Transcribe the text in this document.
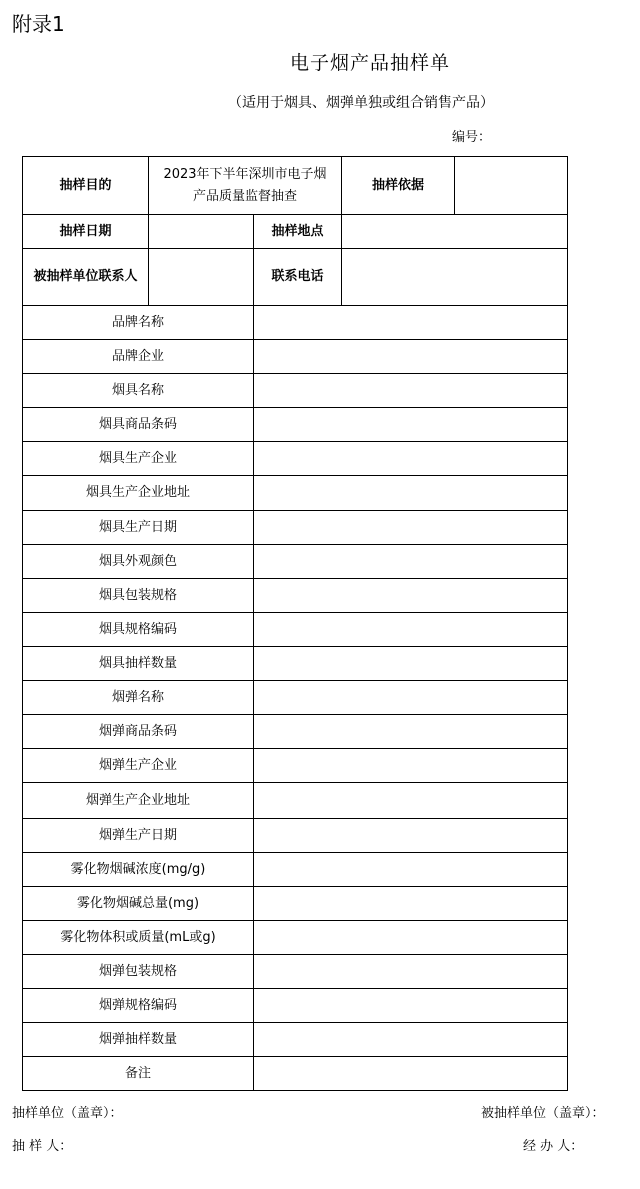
附录1
电子烟产品抽样单
（适用于烟具、烟弹单独或组合销售产品）
编号：
抽样目的	2023年下半年深圳市电子烟产品质量监督抽查		抽样依据	
抽样日期		抽样地点		
被抽样单位联系人		联系电话		
品牌名称				
品牌企业				
烟具名称				
烟具商品条码				
烟具生产企业				
烟具生产企业地址				
烟具生产日期				
烟具外观颜色				
烟具包装规格				
烟具规格编码				
烟具抽样数量				
烟弹名称				
烟弹商品条码				
烟弹生产企业				
烟弹生产企业地址				
烟弹生产日期				
雾化物烟碱浓度(mg/g)				
雾化物烟碱总量(mg)				
雾化物体积或质量(mL或g)				
烟弹包装规格				
烟弹规格编码				
烟弹抽样数量				
备注				
抽样单位（盖章）：	被抽样单位（盖章）：
抽 样 人：	经 办 人：
